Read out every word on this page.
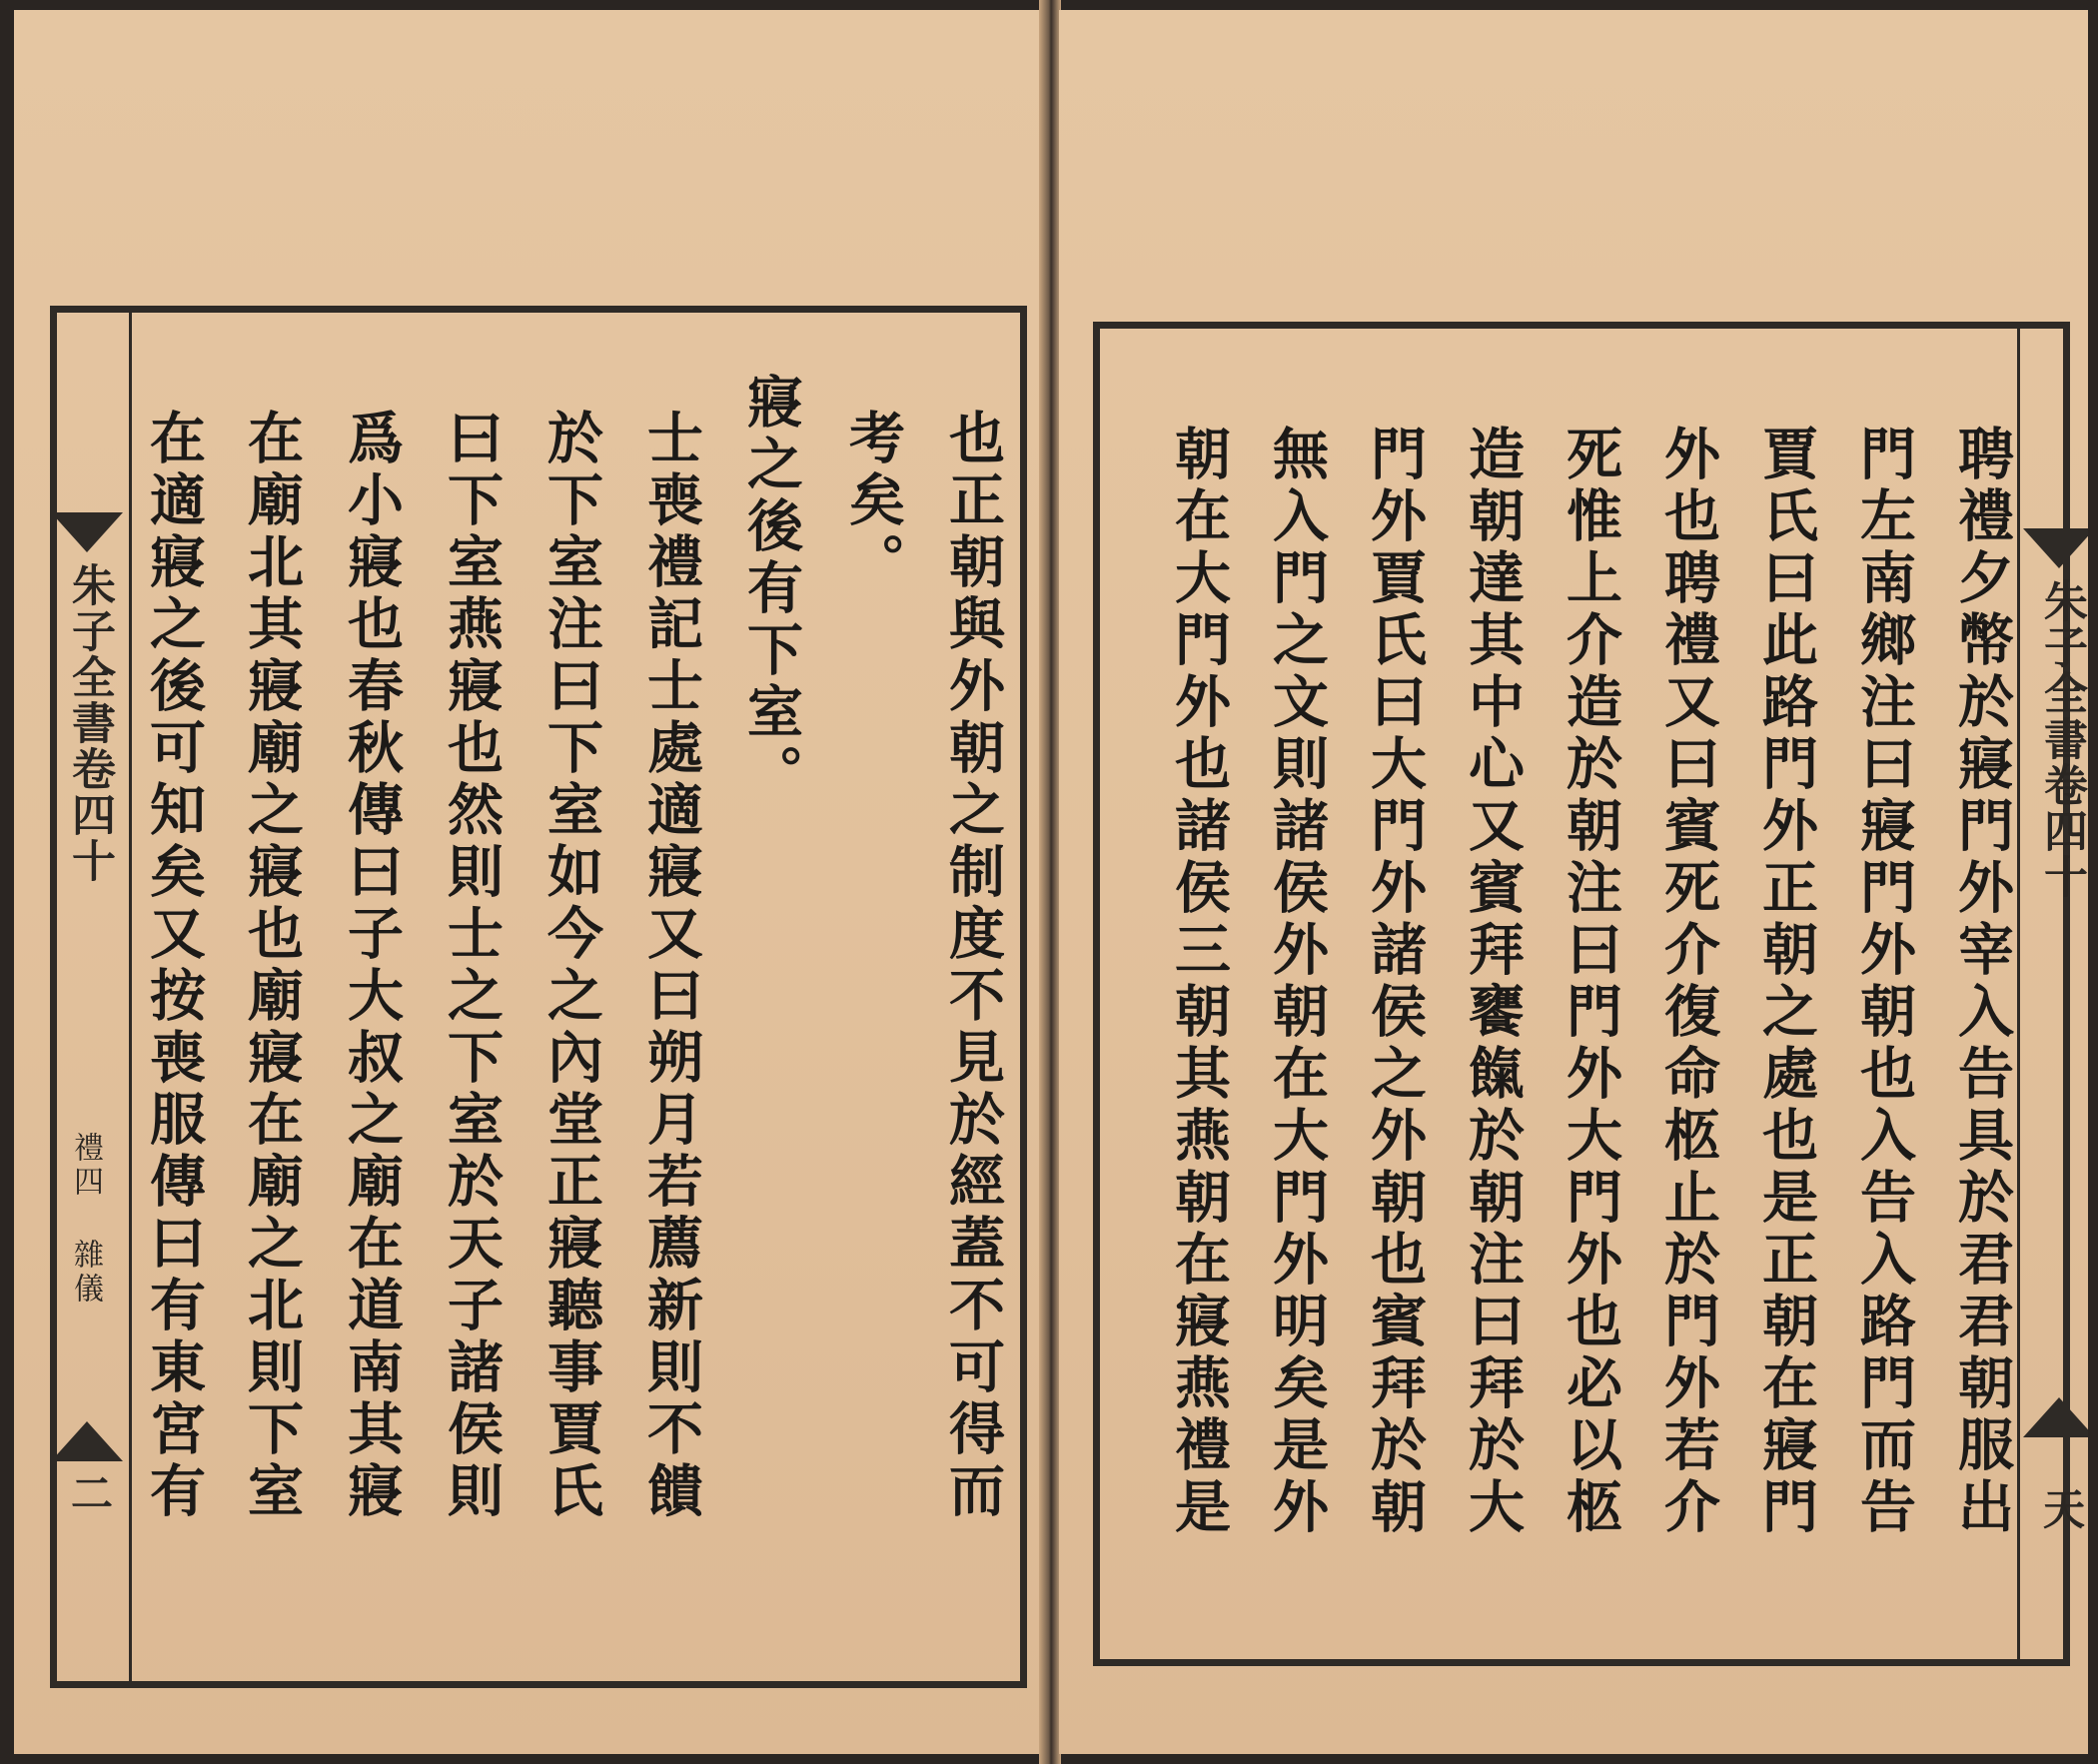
朱子全書卷四十
禮四 雜儀
二	也正朝與外朝之制度不見於經蓋不可得而
考矣。
寢之後有下室。
士喪禮記士處適寢又曰朔月若薦新則不饋
於下室注曰下室如今之內堂正寢聽事賈氏
曰下室燕寢也然則士之下室於天子諸侯則
爲小寢也春秋傳曰子大叔之廟在道南其寢
在廟北其寢廟之寢也廟寢在廟之北則下室
在適寢之後可知矣又按喪服傳曰有東宮有	聘禮夕幣於寢門外宰入告具於君君朝服出
門左南鄉注曰寢門外朝也入告入路門而告
賈氏曰此路門外正朝之處也是正朝在寢門
外也聘禮又曰賓死介復命柩止於門外若介
死惟上介造於朝注曰門外大門外也必以柩
造朝達其中心又賓拜饔餼於朝注曰拜於大
門外賈氏曰大門外諸侯之外朝也賓拜於朝
無入門之文則諸侯外朝在大門外明矣是外
朝在大門外也諸侯三朝其燕朝在寢燕禮是	朱子全書卷四十
天
